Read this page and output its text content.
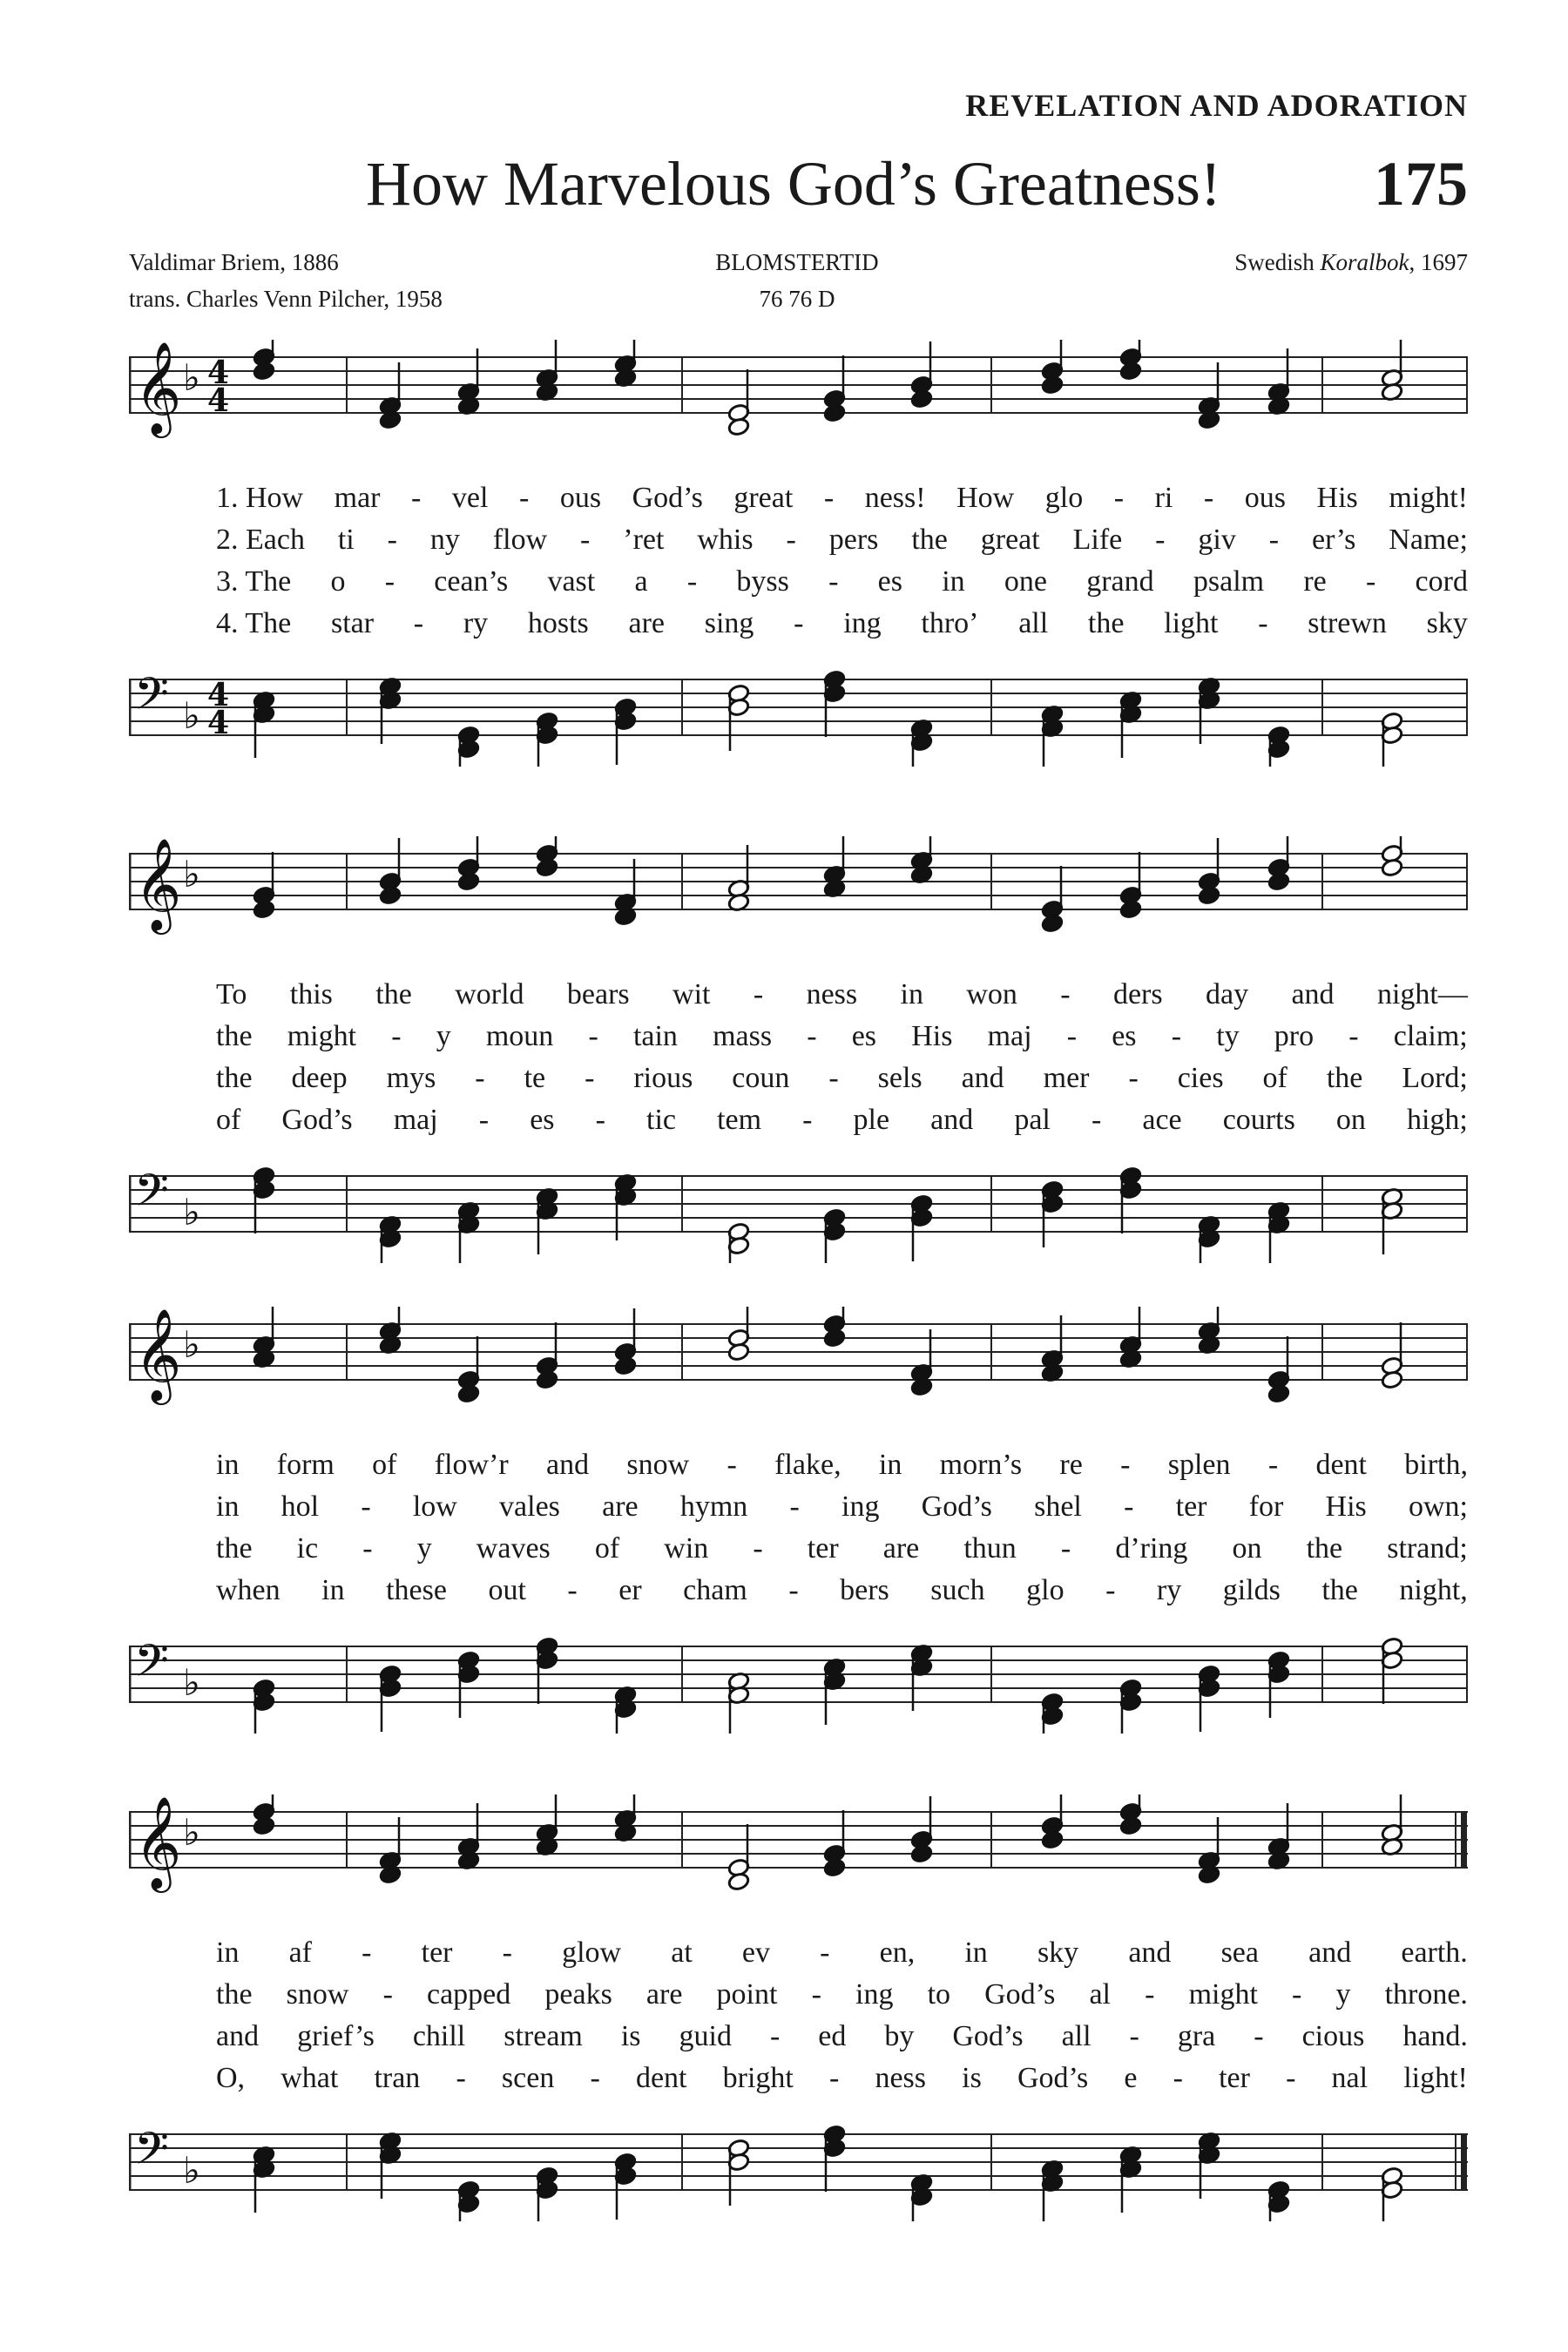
REVELATION AND ADORATION
How Marvelous God’s Greatness! 175
Valdimar Briem, 1886
trans. Charles Venn Pilcher, 1958
BLOMSTERTID
76 76 D
Swedish Koralbok, 1697
𝄞 ♭ 4
4
1. How mar - vel - ous God’s great - ness! How glo - ri - ous His might!
2. Each ti - ny flow - ’ret whis - pers the great Life - giv - er’s Name;
3. The o - cean’s vast a - byss - es in one grand psalm re - cord
4. The star - ry hosts are sing - ing thro’ all the light - strewn sky
𝄢 ♭ 4
4
𝄞 ♭
To this the world bears wit - ness in won - ders day and night—
the might - y moun - tain mass - es His maj - es - ty pro - claim;
the deep mys - te - rious coun - sels and mer - cies of the Lord;
of God’s maj - es - tic tem - ple and pal - ace courts on high;
𝄢 ♭
𝄞 ♭
in form of flow’r and snow - flake, in morn’s re - splen - dent birth,
in hol - low vales are hymn - ing God’s shel - ter for His own;
the ic - y waves of win - ter are thun - d’ring on the strand;
when in these out - er cham - bers such glo - ry gilds the night,
𝄢 ♭
𝄞 ♭
in af - ter - glow at ev - en, in sky and sea and earth.
the snow - capped peaks are point - ing to God’s al - might - y throne.
and grief’s chill stream is guid - ed by God’s all - gra - cious hand.
O, what tran - scen - dent bright - ness is God’s e - ter - nal light!
𝄢 ♭
